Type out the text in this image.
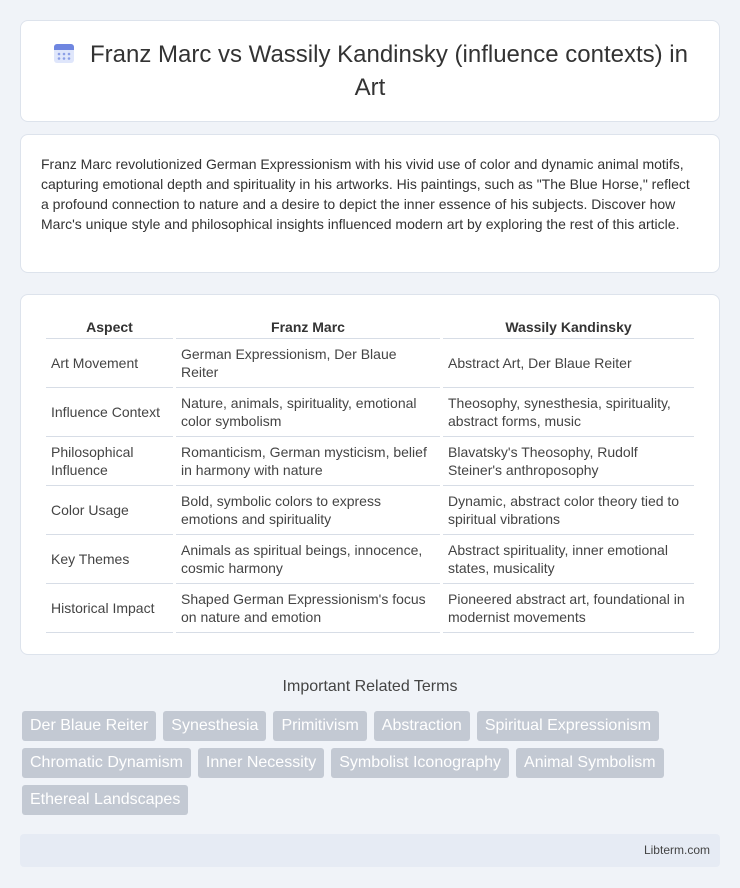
Franz Marc vs Wassily Kandinsky (influence contexts) in Art

Franz Marc revolutionized German Expressionism with his vivid use of color and dynamic animal motifs, capturing emotional depth and spirituality in his artworks. His paintings, such as "The Blue Horse," reflect a profound connection to nature and a desire to depict the inner essence of his subjects. Discover how Marc's unique style and philosophical insights influenced modern art by exploring the rest of this article.

Aspect	Franz Marc	Wassily Kandinsky
Art Movement	German Expressionism, Der Blaue Reiter	Abstract Art, Der Blaue Reiter
Influence Context	Nature, animals, spirituality, emotional color symbolism	Theosophy, synesthesia, spirituality, abstract forms, music
Philosophical Influence	Romanticism, German mysticism, belief in harmony with nature	Blavatsky's Theosophy, Rudolf Steiner's anthroposophy
Color Usage	Bold, symbolic colors to express emotions and spirituality	Dynamic, abstract color theory tied to spiritual vibrations
Key Themes	Animals as spiritual beings, innocence, cosmic harmony	Abstract spirituality, inner emotional states, musicality
Historical Impact	Shaped German Expressionism's focus on nature and emotion	Pioneered abstract art, foundational in modernist movements
Important Related Terms
Der Blaue Reiter	Synesthesia	Primitivism	Abstraction	Spiritual Expressionism
Chromatic Dynamism	Inner Necessity	Symbolist Iconography	Animal Symbolism
Ethereal Landscapes
Libterm.com
